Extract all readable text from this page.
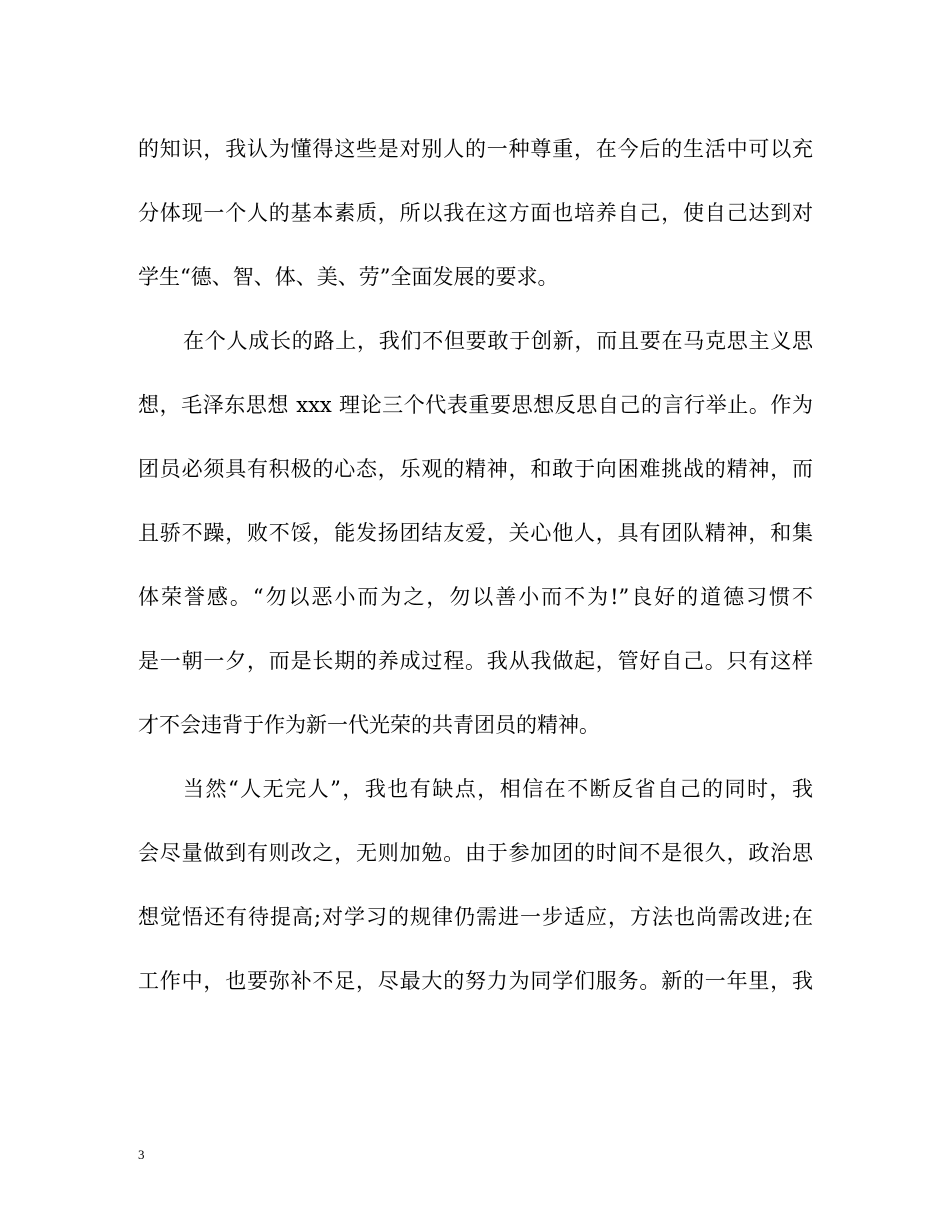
的知识，我认为懂得这些是对别人的一种尊重，在今后的生活中可以充
分体现一个人的基本素质，所以我在这方面也培养自己，使自己达到对
学生“德、智、体、美、劳”全面发展的要求。
在个人成长的路上，我们不但要敢于创新，而且要在马克思主义思
想，毛泽东思想 xxx 理论三个代表重要思想反思自己的言行举止。作为
团员必须具有积极的心态，乐观的精神，和敢于向困难挑战的精神，而
且骄不躁，败不馁，能发扬团结友爱，关心他人，具有团队精神，和集
体荣誉感。“勿以恶小而为之，勿以善小而不为!”良好的道德习惯不
是一朝一夕，而是长期的养成过程。我从我做起，管好自己。只有这样
才不会违背于作为新一代光荣的共青团员的精神。
当然“人无完人”，我也有缺点，相信在不断反省自己的同时，我
会尽量做到有则改之，无则加勉。由于参加团的时间不是很久，政治思
想觉悟还有待提高;对学习的规律仍需进一步适应，方法也尚需改进;在
工作中，也要弥补不足，尽最大的努力为同学们服务。新的一年里，我
3
